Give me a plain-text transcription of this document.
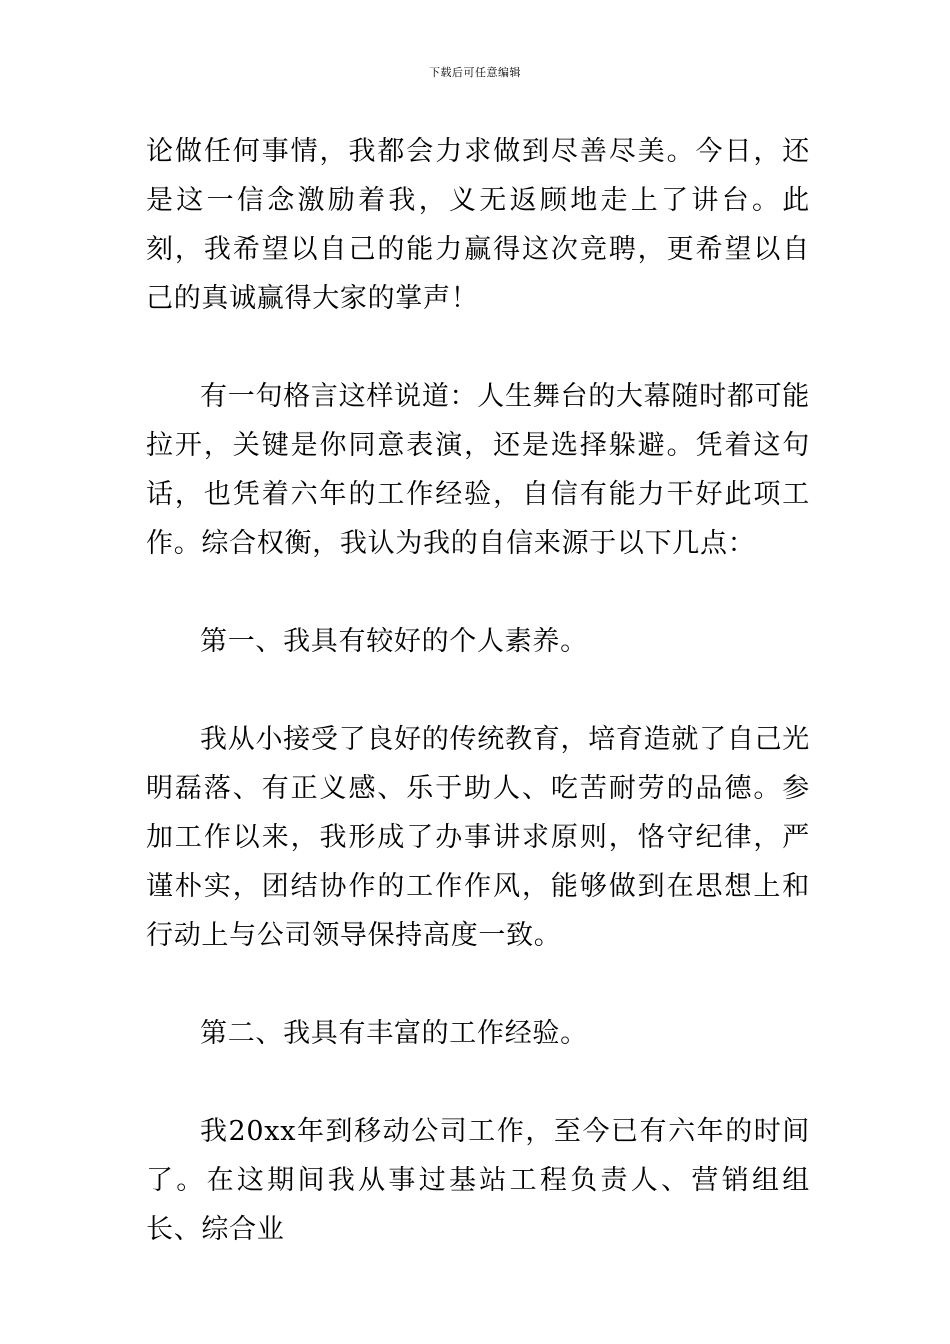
下载后可任意编辑

论做任何事情，我都会力求做到尽善尽美。今日，还是这一信念激励着我，义无返顾地走上了讲台。此刻，我希望以自己的能力赢得这次竞聘，更希望以自己的真诚赢得大家的掌声！

有一句格言这样说道：人生舞台的大幕随时都可能拉开，关键是你同意表演，还是选择躲避。凭着这句话，也凭着六年的工作经验，自信有能力干好此项工作。综合权衡，我认为我的自信来源于以下几点：

第一、我具有较好的个人素养。

我从小接受了良好的传统教育，培育造就了自己光明磊落、有正义感、乐于助人、吃苦耐劳的品德。参加工作以来，我形成了办事讲求原则，恪守纪律，严谨朴实，团结协作的工作作风，能够做到在思想上和行动上与公司领导保持高度一致。

第二、我具有丰富的工作经验。

我20xx年到移动公司工作，至今已有六年的时间了。在这期间我从事过基站工程负责人、营销组组长、综合业
